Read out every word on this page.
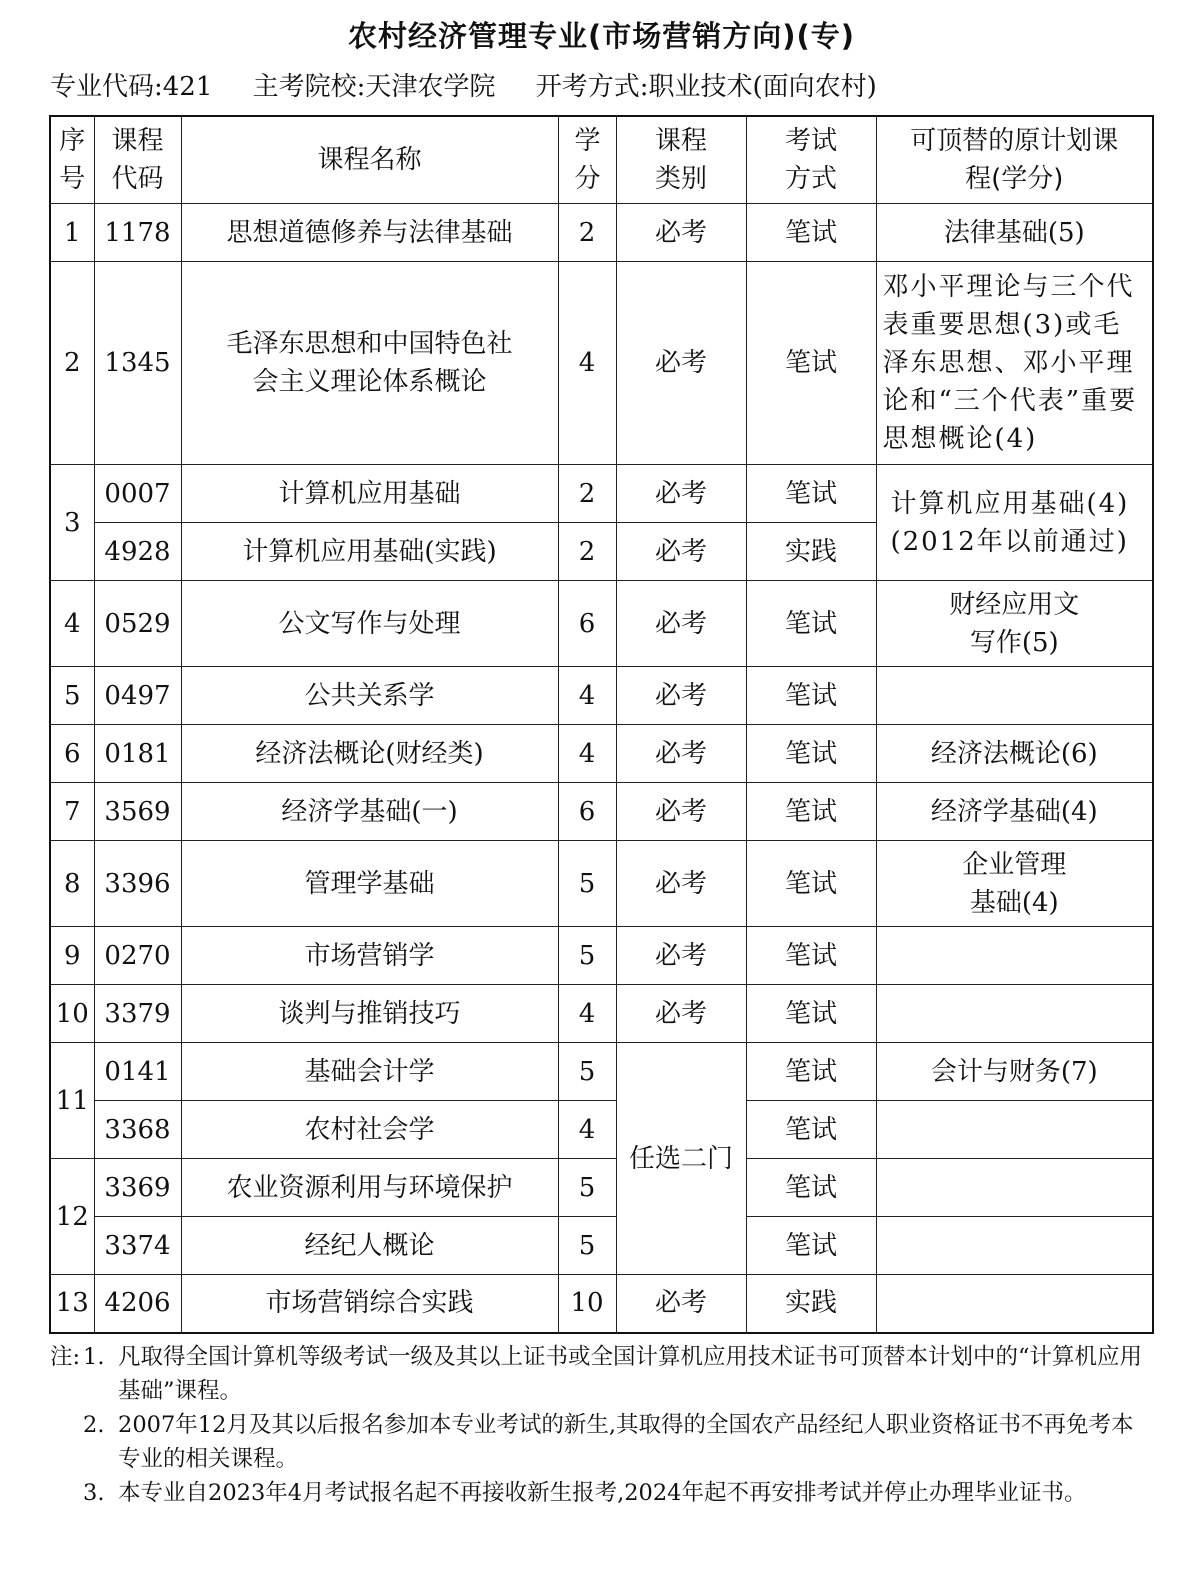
农村经济管理专业(市场营销方向)(专)
专业代码:421 主考院校:天津农学院 开考方式:职业技术(面向农村)
序号	课程代码	课程名称	学分	课程类别	考试方式	可顶替的原计划课程(学分)
1	1178	思想道德修养与法律基础	2	必考	笔试	法律基础(5)
2	1345	毛泽东思想和中国特色社会主义理论体系概论	4	必考	笔试	邓小平理论与三个代表重要思想(3)或毛泽东思想、邓小平理论和“三个代表”重要思想概论(4)
3	0007	计算机应用基础	2	必考	笔试	计算机应用基础(4)(2012年以前通过)
	4928	计算机应用基础(实践)	2	必考	实践	
4	0529	公文写作与处理	6	必考	笔试	财经应用文写作(5)
5	0497	公共关系学	4	必考	笔试	
6	0181	经济法概论(财经类)	4	必考	笔试	经济法概论(6)
7	3569	经济学基础(一)	6	必考	笔试	经济学基础(4)
8	3396	管理学基础	5	必考	笔试	企业管理基础(4)
9	0270	市场营销学	5	必考	笔试	
10	3379	谈判与推销技巧	4	必考	笔试	
11	0141	基础会计学	5	任选二门	笔试	会计与财务(7)
	3368	农村社会学	4		笔试	
12	3369	农业资源利用与环境保护	5		笔试	
	3374	经纪人概论	5		笔试	
13	4206	市场营销综合实践	10	必考	实践	
注: 1. 凡取得全国计算机等级考试一级及其以上证书或全国计算机应用技术证书可顶替本计划中的“计算机应用基础”课程。
2. 2007年12月及其以后报名参加本专业考试的新生,其取得的全国农产品经纪人职业资格证书不再免考本专业的相关课程。
3. 本专业自2023年4月考试报名起不再接收新生报考,2024年起不再安排考试并停止办理毕业证书。
